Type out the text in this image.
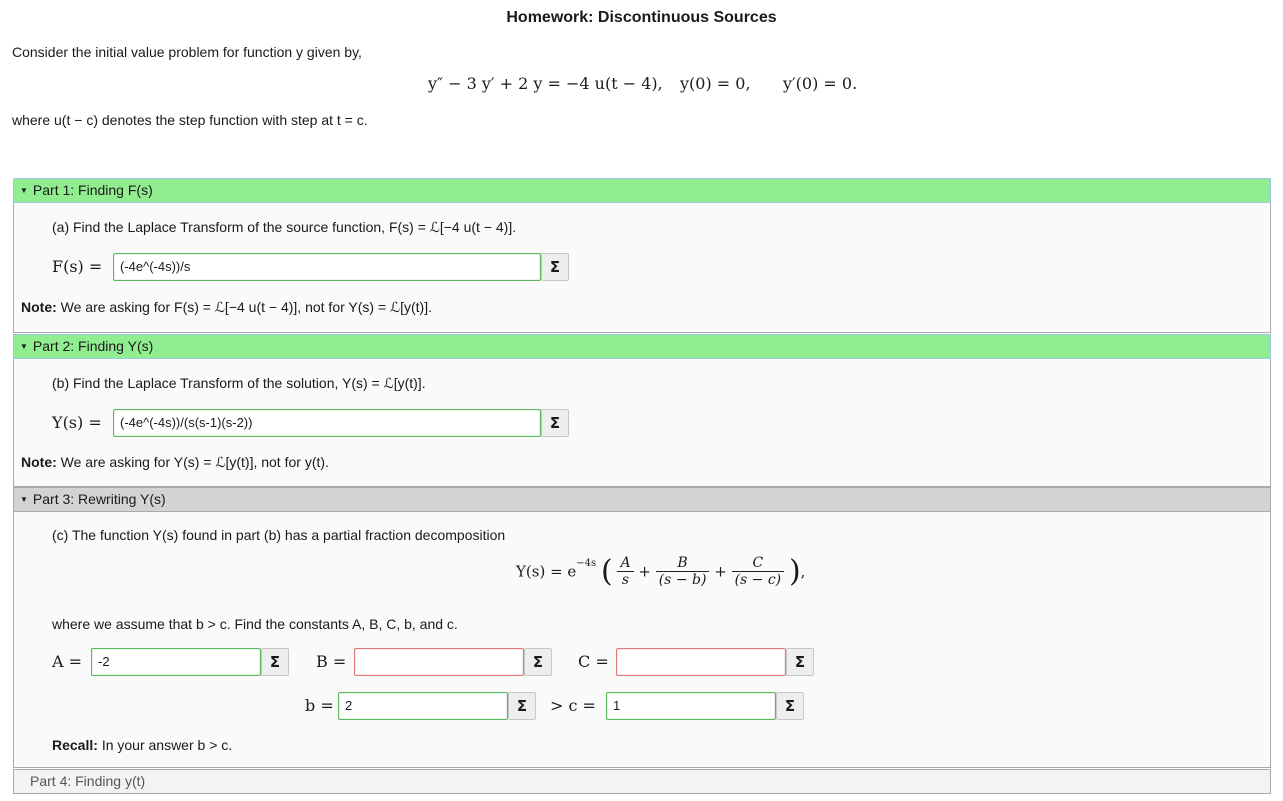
Homework: Discontinuous Sources
Consider the initial value problem for function y given by,
y″ − 3 y′ + 2 y = −4 u(t − 4), y(0) = 0, y′(0) = 0.
where u(t − c) denotes the step function with step at t = c.
▼ Part 1: Finding F(s)
(a) Find the Laplace Transform of the source function, F(s) = ℒ[−4 u(t − 4)].
F(s) =	(-4e^(-4s))/s	Σ
Note: We are asking for F(s) = ℒ[−4 u(t − 4)], not for Y(s) = ℒ[y(t)].
▼ Part 2: Finding Y(s)
(b) Find the Laplace Transform of the solution, Y(s) = ℒ[y(t)].
Y(s) =	(-4e^(-4s))/(s(s-1)(s-2))	Σ
Note: We are asking for Y(s) = ℒ[y(t)], not for y(t).
▼ Part 3: Rewriting Y(s)
(c) The function Y(s) found in part (b) has a partial fraction decomposition
$Y(s) = e^{-4s}$ ( $\frac{A}{s} + \frac{B}{(s - b)} + \frac{C}{(s - c)}$ ),
where we assume that b > c. Find the constants A, B, C, b, and c.
A =	-2	Σ	B =	Σ	C =	Σ
b = 2	Σ	> c =	1	Σ
Recall: In your answer b > c.
Part 4: Finding y(t)
